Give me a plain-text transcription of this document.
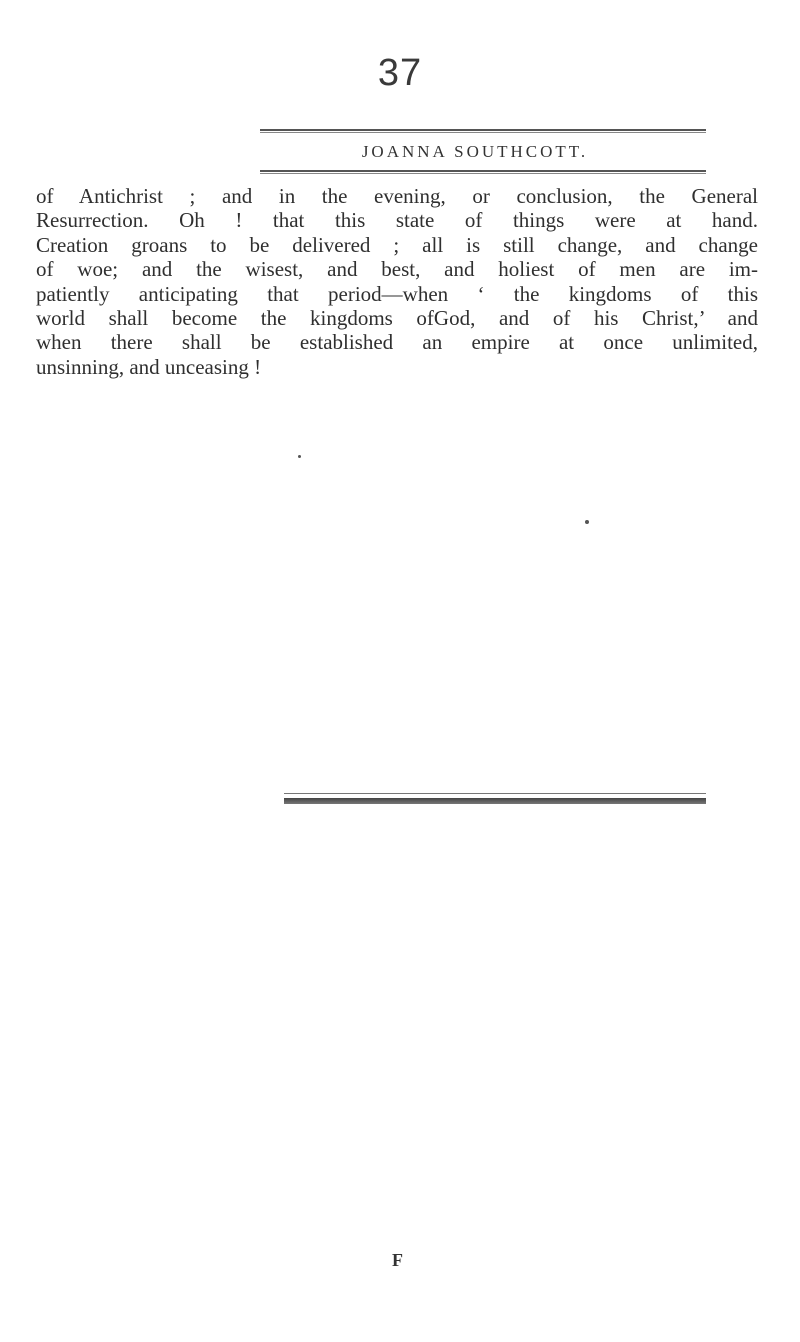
37
JOANNA SOUTHCOTT.
of Antichrist ; and in the evening, or conclusion, the General
Resurrection. Oh ! that this state of things were at hand.
Creation groans to be delivered ; all is still change, and change
of woe; and the wisest, and best, and holiest of men are im-
patiently anticipating that period—when ‘ the kingdoms of this
world shall become the kingdoms ofGod, and of his Christ,’ and
when there shall be established an empire at once unlimited,
unsinning, and unceasing !
F
